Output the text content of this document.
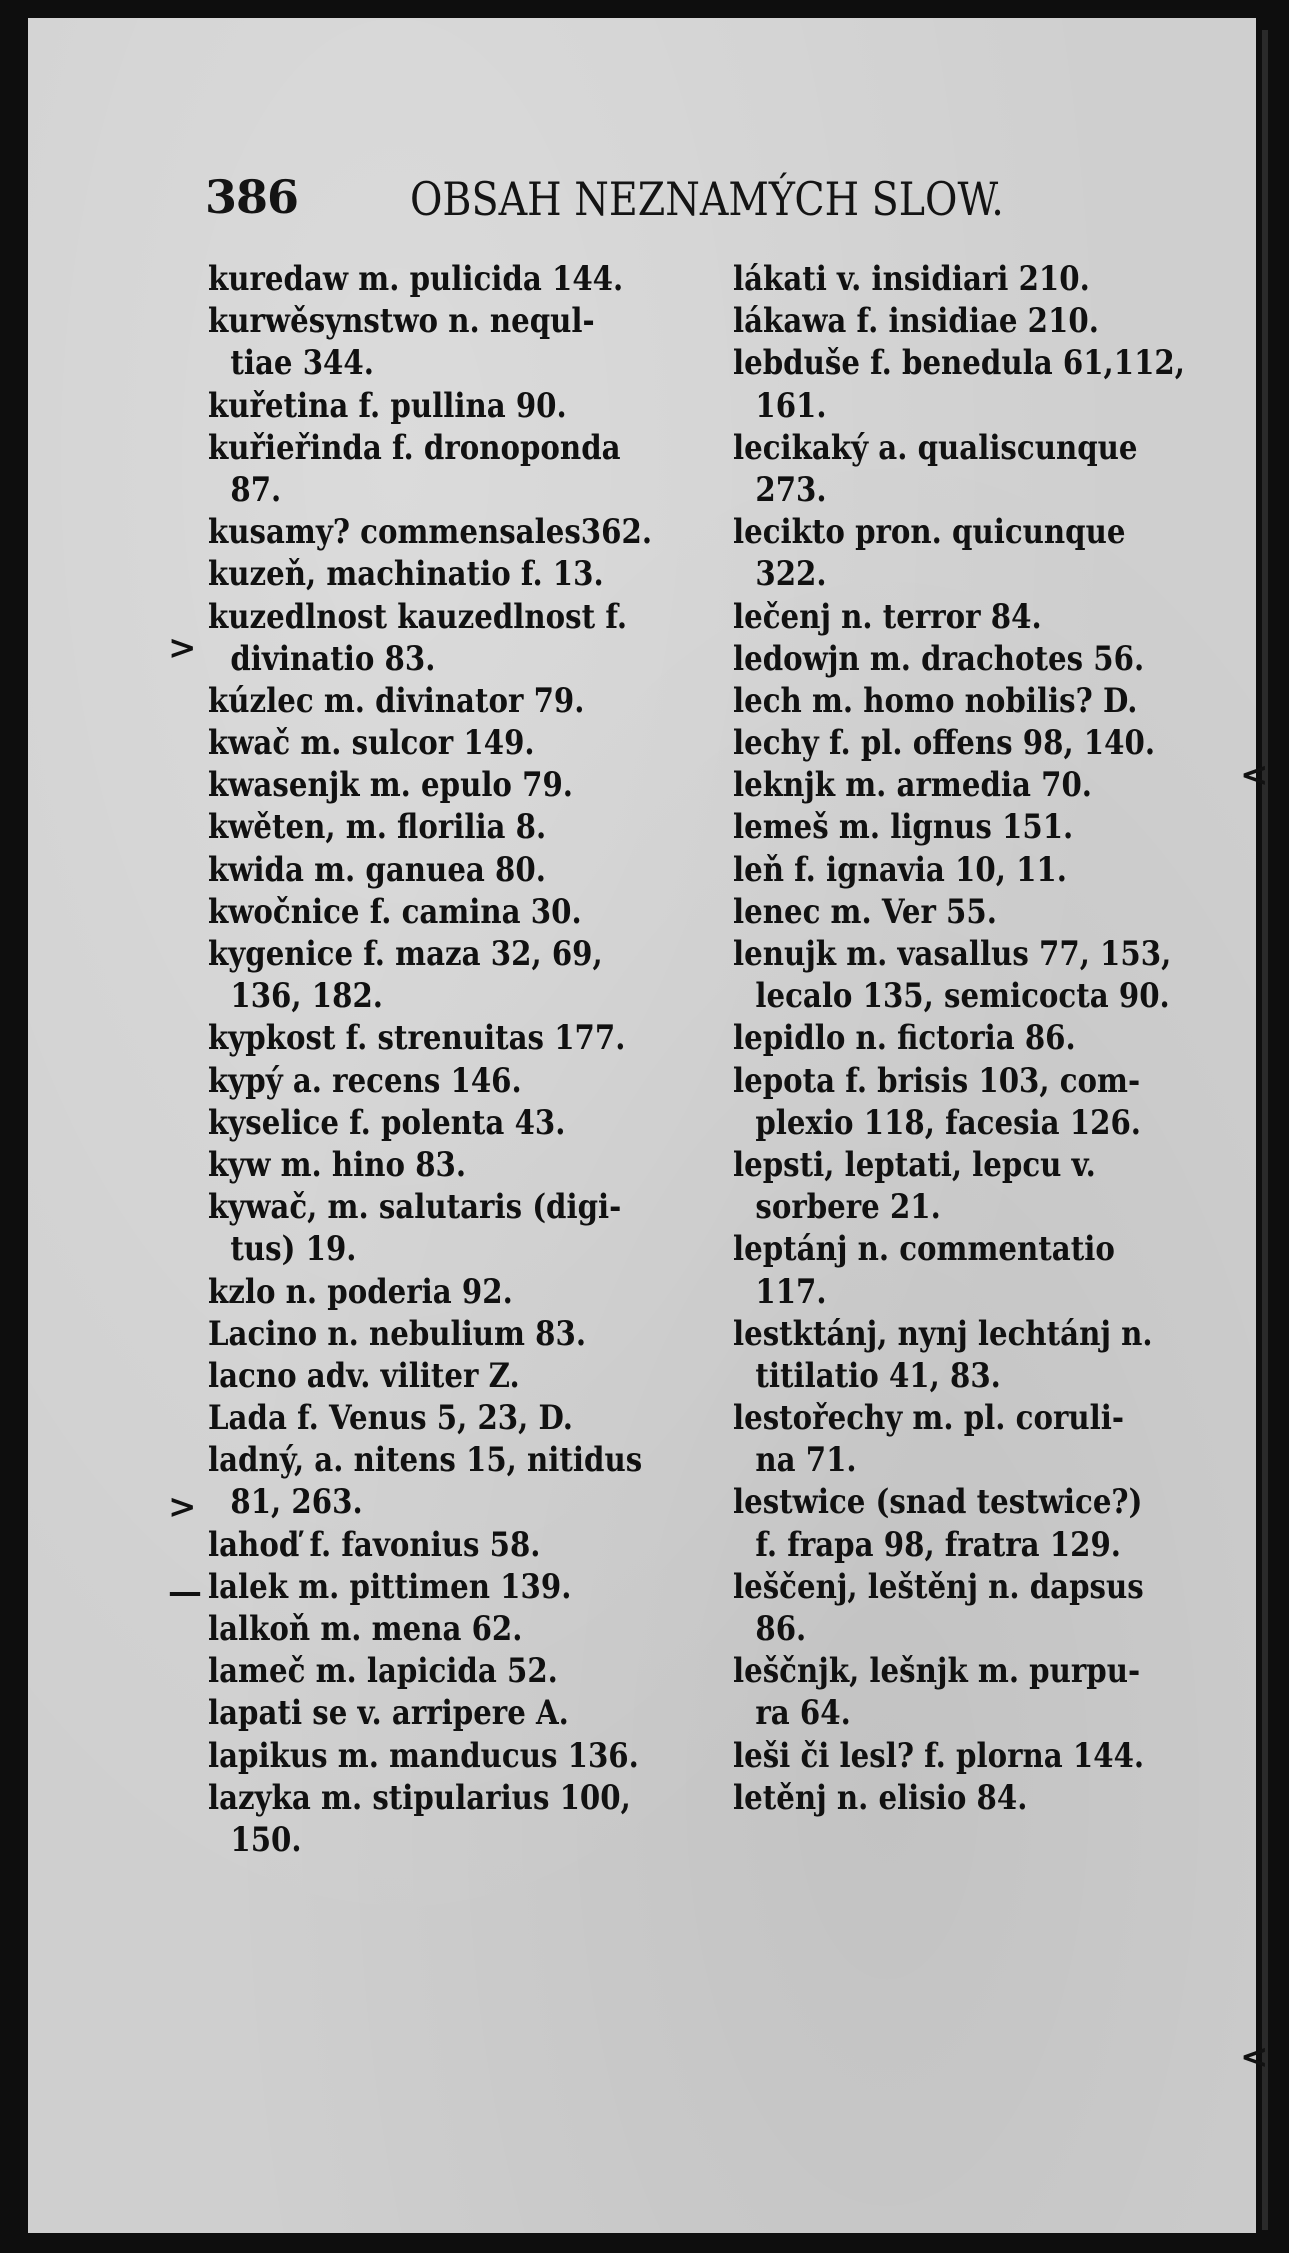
386 OBSAH NEZNAMÝCH SLOW.
kuredaw m. pulicida 144.
kurwěsynstwo n. nequl-
tiae 344.
kuřetina f. pullina 90.
kuřieřinda f. dronoponda
87.
kusamy? commensales362.
kuzeň, machinatio f. 13.
kuzedlnost kauzedlnost f.
divinatio 83.
kúzlec m. divinator 79.
kwač m. sulcor 149.
kwasenjk m. epulo 79.
kwěten, m. florilia 8.
kwida m. ganuea 80.
kwočnice f. camina 30.
kygenice f. maza 32, 69,
136, 182.
kypkost f. strenuitas 177.
kypý a. recens 146.
kyselice f. polenta 43.
kyw m. hino 83.
kywač, m. salutaris (digi-
tus) 19.
kzlo n. poderia 92.
Lacino n. nebulium 83.
lacno adv. viliter Z.
Lada f. Venus 5, 23, D.
ladný, a. nitens 15, nitidus
81, 263.
lahoď f. favonius 58.
lalek m. pittimen 139.
lalkoň m. mena 62.
lameč m. lapicida 52.
lapati se v. arripere A.
lapikus m. manducus 136.
lazyka m. stipularius 100,
150.
lákati v. insidiari 210.
lákawa f. insidiae 210.
lebduše f. benedula 61,112,
161.
lecikaký a. qualiscunque
273.
lecikto pron. quicunque
322.
lečenj n. terror 84.
ledowjn m. drachotes 56.
lech m. homo nobilis? D.
lechy f. pl. offens 98, 140.
leknjk m. armedia 70.
lemeš m. lignus 151.
leň f. ignavia 10, 11.
lenec m. Ver 55.
lenujk m. vasallus 77, 153,
lecalo 135, semicocta 90.
lepidlo n. fictoria 86.
lepota f. brisis 103, com-
plexio 118, facesia 126.
lepsti, leptati, lepcu v.
sorbere 21.
leptánj n. commentatio
117.
lestktánj, nynj lechtánj n.
titilatio 41, 83.
lestořechy m. pl. coruli-
na 71.
lestwice (snad testwice?)
f. frapa 98, fratra 129.
leščenj, leštěnj n. dapsus
86.
leščnjk, lešnjk m. purpu-
ra 64.
leši či lesl? f. plorna 144.
letěnj n. elisio 84.
>
>
—
<
<
